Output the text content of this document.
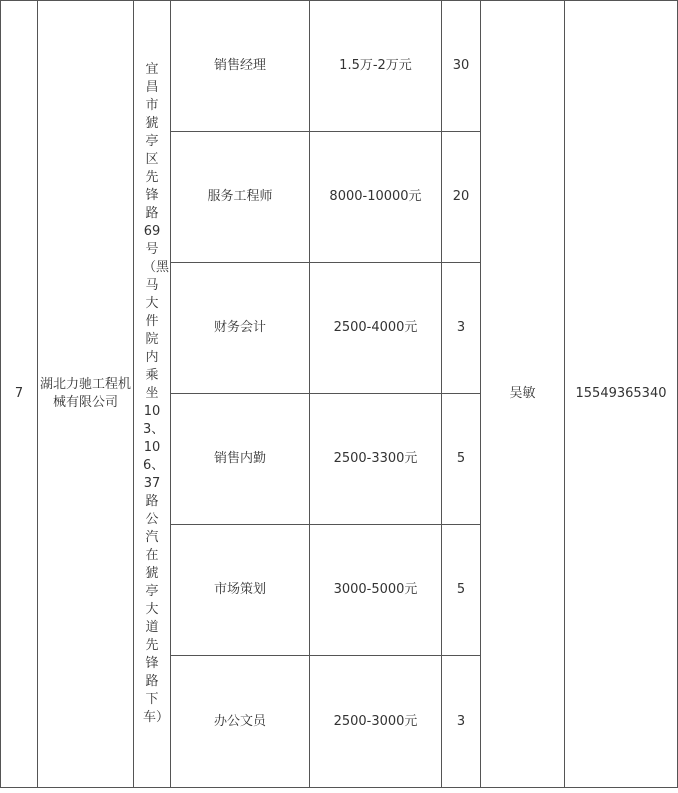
7	湖北力驰工程机械有限公司	宜昌市猇亭区先锋路69号（黑马大件院内乘坐103、106、37路公汽在猇亭大道先锋路下车）	销售经理	1.5万-2万元	30	吴敏	15549365340
			服务工程师	8000-10000元	20		
			财务会计	2500-4000元	3		
			销售内勤	2500-3300元	5		
			市场策划	3000-5000元	5		
			办公文员	2500-3000元	3		
